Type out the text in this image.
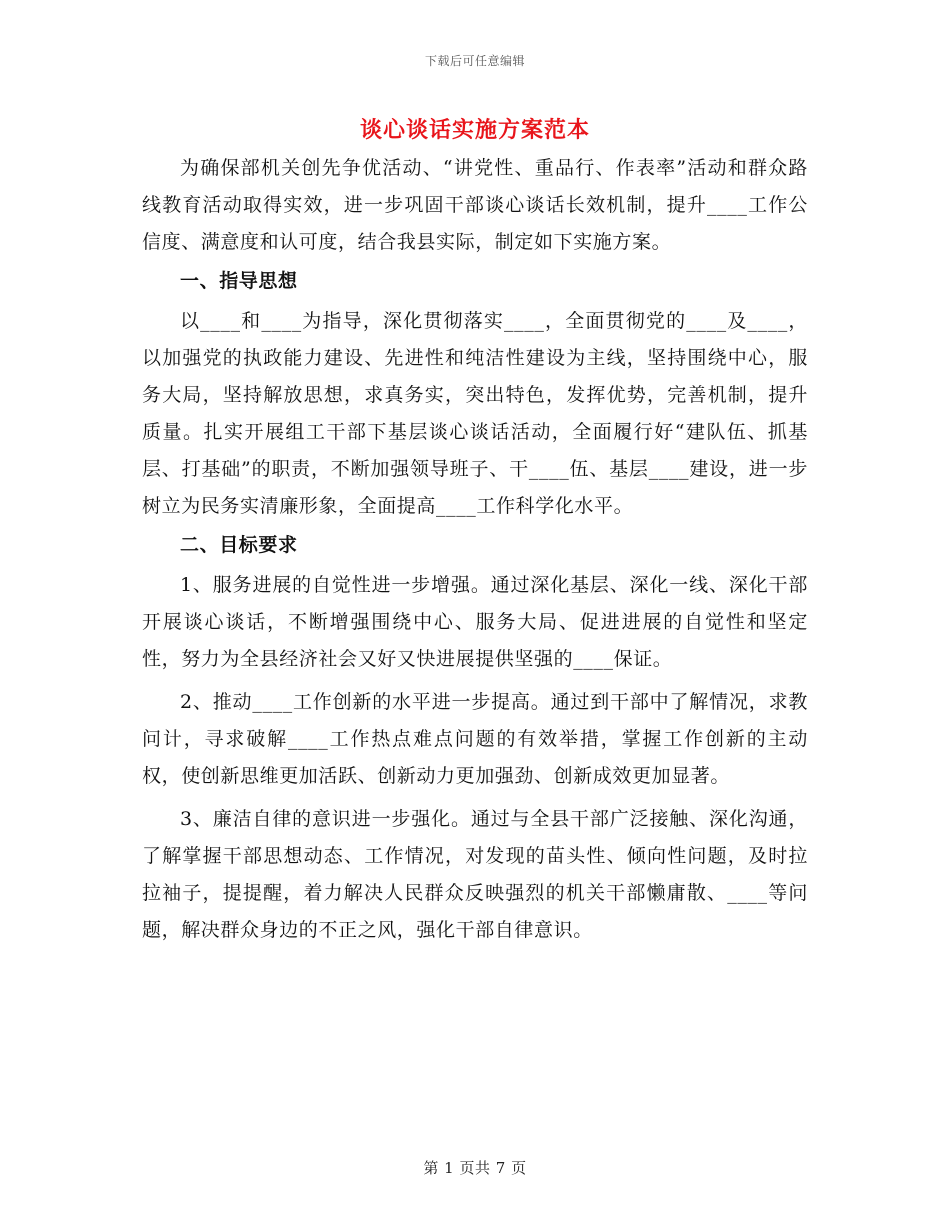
下载后可任意编辑
谈心谈话实施方案范本

为确保部机关创先争优活动、“讲党性、重品行、作表率”活动和群众路线教育活动取得实效，进一步巩固干部谈心谈话长效机制，提升____工作公信度、满意度和认可度，结合我县实际，制定如下实施方案。

一、指导思想

以____和____为指导，深化贯彻落实____，全面贯彻党的____及____，以加强党的执政能力建设、先进性和纯洁性建设为主线，坚持围绕中心，服务大局，坚持解放思想，求真务实，突出特色，发挥优势，完善机制，提升质量。扎实开展组工干部下基层谈心谈话活动，全面履行好“建队伍、抓基层、打基础”的职责，不断加强领导班子、干____伍、基层____建设，进一步树立为民务实清廉形象，全面提高____工作科学化水平。

二、目标要求

1、服务进展的自觉性进一步增强。通过深化基层、深化一线、深化干部开展谈心谈话，不断增强围绕中心、服务大局、促进进展的自觉性和坚定性，努力为全县经济社会又好又快进展提供坚强的____保证。

2、推动____工作创新的水平进一步提高。通过到干部中了解情况，求教问计，寻求破解____工作热点难点问题的有效举措，掌握工作创新的主动权，使创新思维更加活跃、创新动力更加强劲、创新成效更加显著。

3、廉洁自律的意识进一步强化。通过与全县干部广泛接触、深化沟通，了解掌握干部思想动态、工作情况，对发现的苗头性、倾向性问题，及时拉拉袖子，提提醒，着力解决人民群众反映强烈的机关干部懒庸散、____等问题，解决群众身边的不正之风，强化干部自律意识。

第 1 页共 7 页
